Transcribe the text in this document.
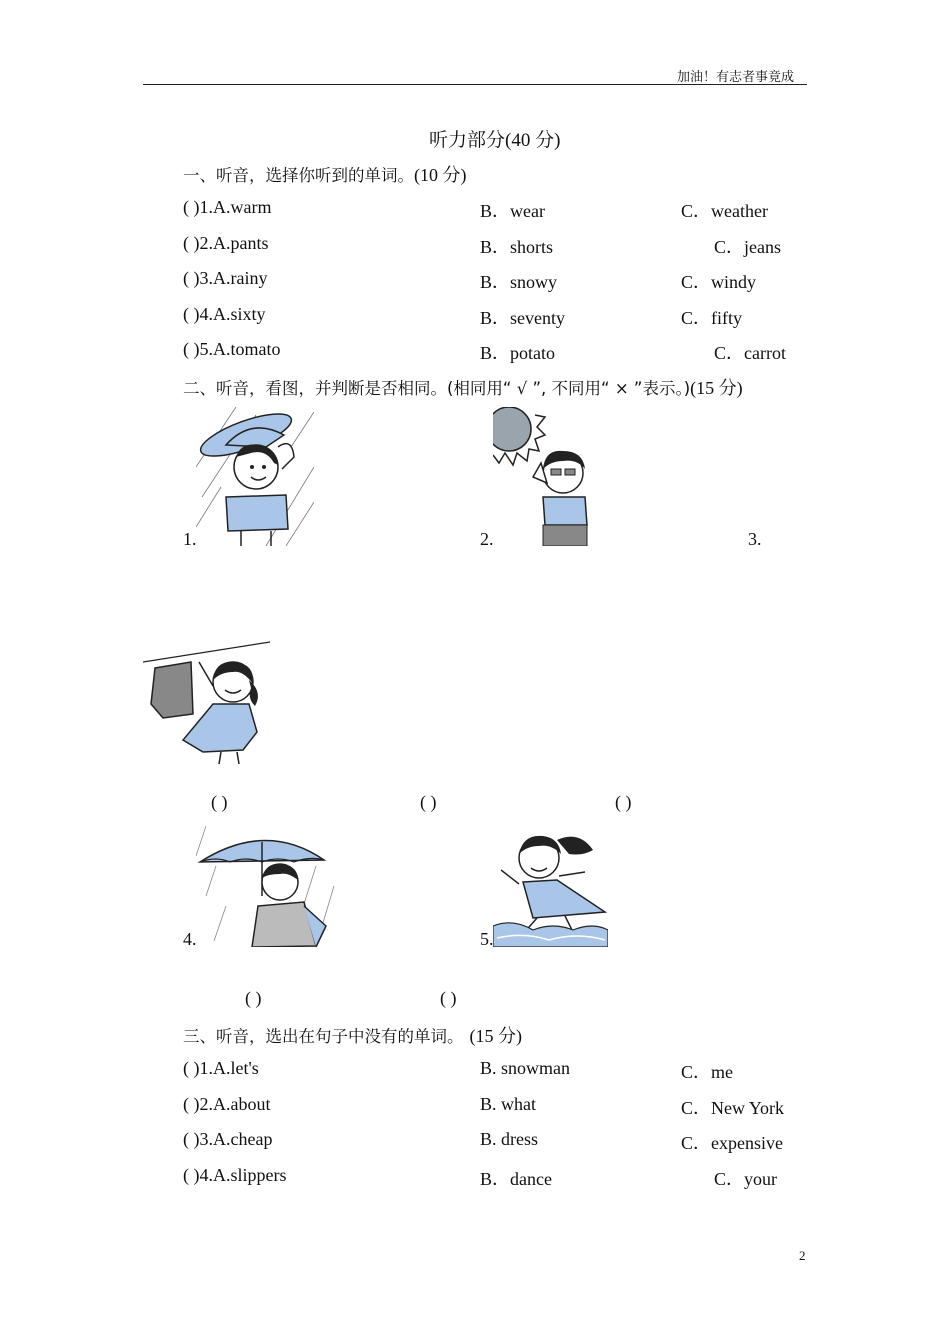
加油！有志者事竟成
听力部分(40 分)
一、听音，选择你听到的单词。(10 分)
( )1.A.warm	B．wear	C．weather
( )2.A.pants	B．shorts	C．jeans
( )3.A.rainy	B．snowy	C．windy
( )4.A.sixty	B．seventy	C．fifty
( )5.A.tomato	B．potato	C．carrot
二、听音，看图，并判断是否相同。(相同用“ √ ”, 不同用“ × ”表示。)(15 分)
1.	2.	3.
( )	( )	( )
4.	5.
( )	( )
三、听音，选出在句子中没有的单词。 (15 分)
( )1.A.let's	B. snowman	C．me
( )2.A.about	B. what	C．New York
( )3.A.cheap	B. dress	C．expensive
( )4.A.slippers	B．dance	C．your
2
